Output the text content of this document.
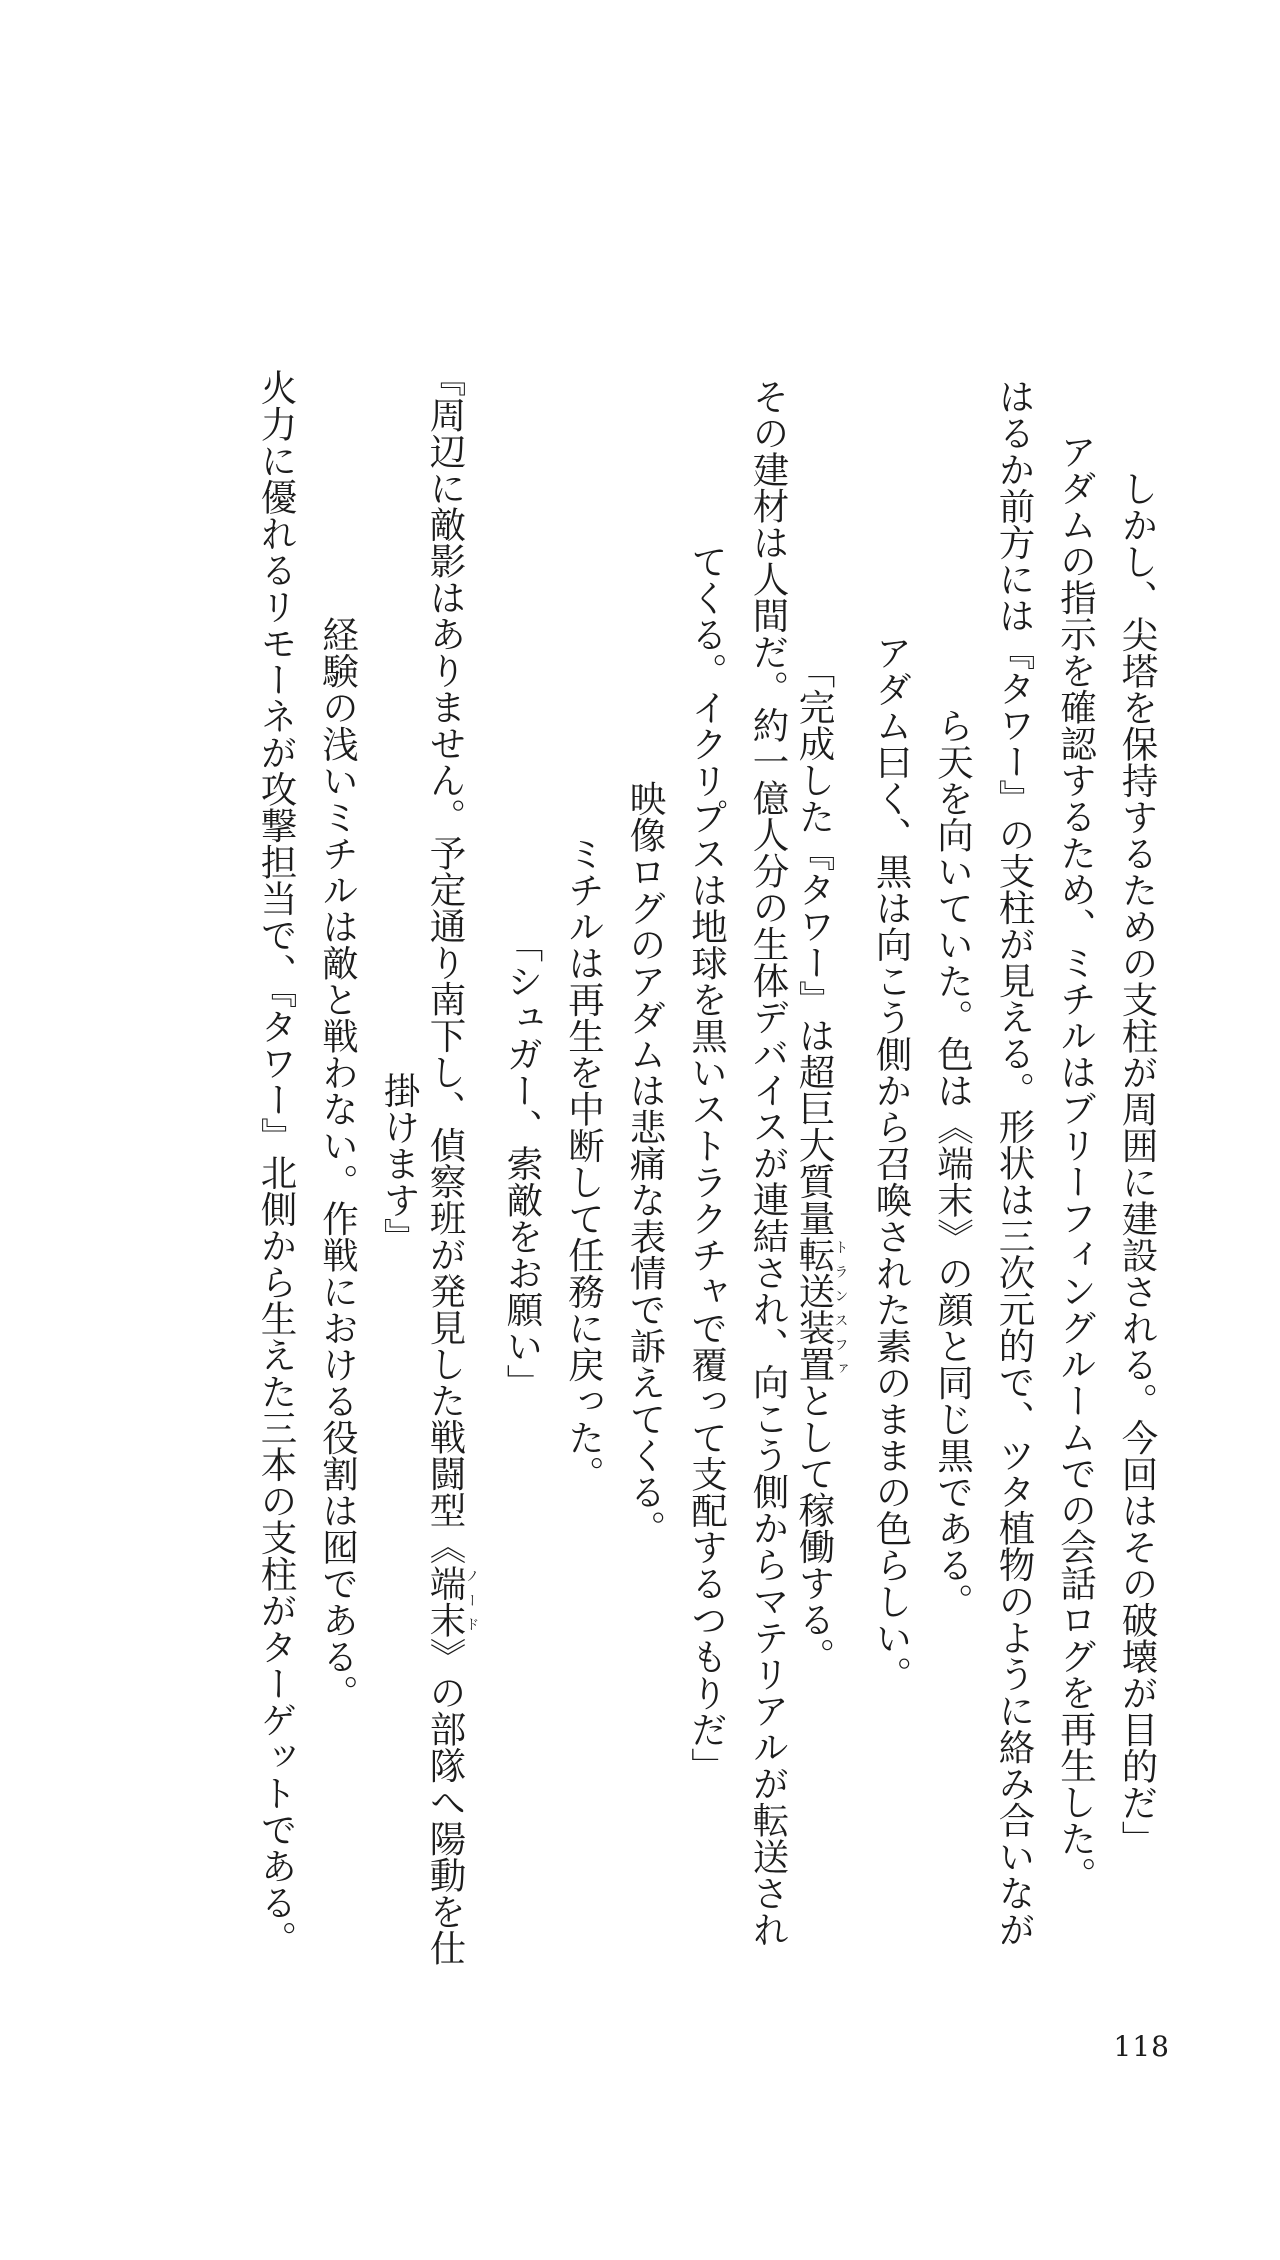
しかし、尖塔を保持するための支柱が周囲に建設される。今回はその破壊が目的だ」
アダムの指示を確認するため、ミチルはブリーフィングルームでの会話ログを再生した。
はるか前方には『タワー』の支柱が見える。形状は三次元的で、ツタ植物のように絡み合いなが
ら天を向いていた。色は《端末》の顔と同じ黒である。
アダム曰く、黒は向こう側から召喚された素のままの色らしい。
「完成した『タワー』は超巨大質量転送装置トランスファとして稼働する。
その建材は人間だ。約一億人分の生体デバイスが連結され、向こう側からマテリアルが転送され
てくる。イクリプスは地球を黒いストラクチャで覆って支配するつもりだ」
映像ログのアダムは悲痛な表情で訴えてくる。
ミチルは再生を中断して任務に戻った。
「シュガー、索敵をお願い」
『周辺に敵影はありません。予定通り南下し、偵察班が発見した戦闘型《端末ノード》の部隊へ陽動を仕
掛けます』
経験の浅いミチルは敵と戦わない。作戦における役割は囮である。
火力に優れるリモーネが攻撃担当で、『タワー』北側から生えた三本の支柱がターゲットである。
118
